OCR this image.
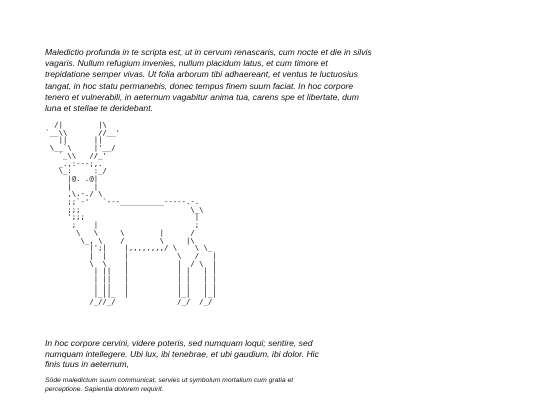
Maledictio profunda in te scripta est, ut in cervum renascaris, cum nocte et die in silvis vagaris. Nullum refugium invenies, nullum placidum latus, et cum timore et trepidatione semper vivas. Ut folia arborum tibi adhaereant, et ventus te luctuosius tangat, in hoc statu permanebis, donec tempus finem suum faciat. In hoc corpore tenero et vulnerabili, in aeternum vagabitur anima tua, carens spe et libertate, dum luna et stellae te deridebant.

/|        |\
`__\\       //__'
||      ||
\__`\     |'__/
`_\\   //_'
_.,:---;,.
\_:     :_/
|@. .@|
|     |
,\.-./ \
;;`-'   `---__________-----.-.
;;;                         \_\
';;;                         |
;    |                      ;
\   \     \        |      /
\_, \    /        \     |\
|';|    |,,,,,,,,/ \    \ \_
|  |    |           \   /   |
\  \    |           |  / \  |
| ||   |           | |   | |
| ||   |           | |   | |
| ||   |           | |   | |
|_||_  |           |_|   |_|
/_//_/              /_/  /_/

In hoc corpore cervini, videre poteris, sed numquam loqui; sentire, sed numquam intellegere. Ubi lux, ibi tenebrae, et ubi gaudium, ibi dolor. Hic finis tuus in aeternum,

Sōde maledictum suum communicat, servies ut symbolum mortalium cum gratia et perceptione. Sapientia dolorem requirit.
